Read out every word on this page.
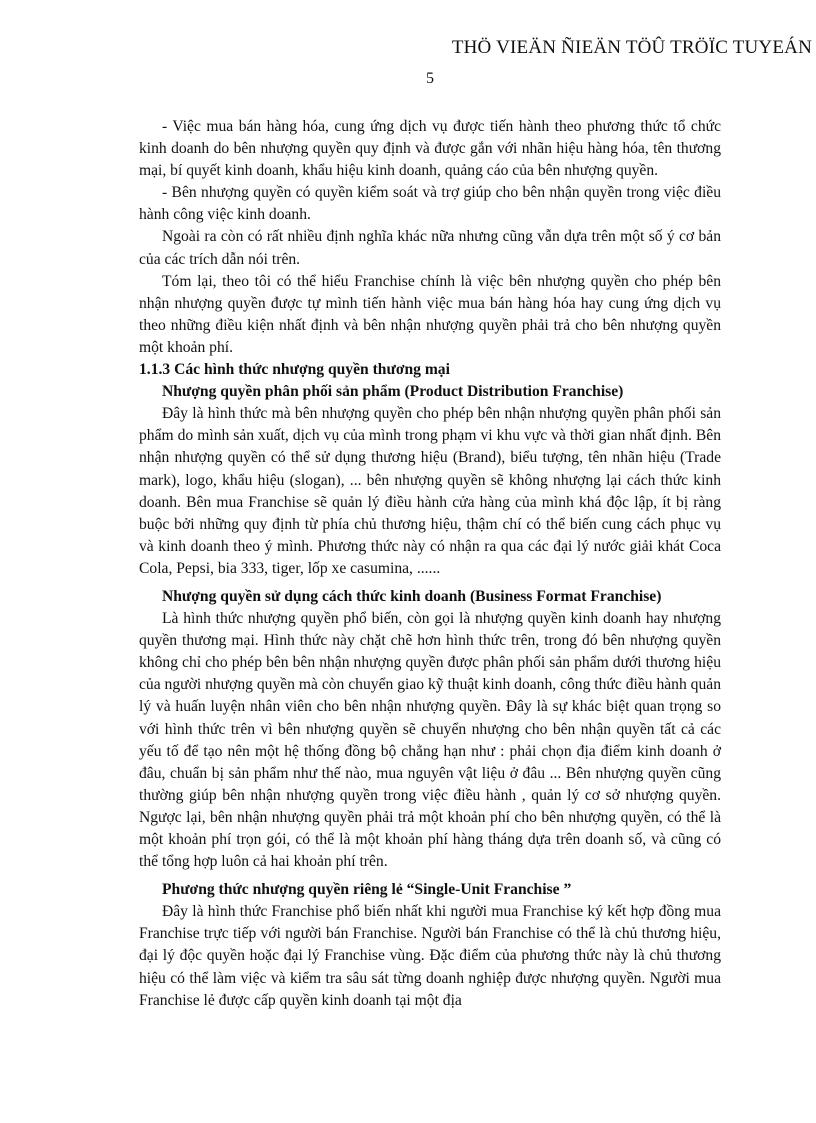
THÖ VIEÄN ÑIEÄN TÖÛ TRÖÏC TUYEÁN
5

- Việc mua bán hàng hóa, cung ứng dịch vụ được tiến hành theo phương thức tổ chức kinh doanh do bên nhượng quyền quy định và được gắn với nhãn hiệu hàng hóa, tên thương mại, bí quyết kinh doanh, khẩu hiệu kinh doanh, quảng cáo của bên nhượng quyền.

- Bên nhượng quyền có quyền kiểm soát và trợ giúp cho bên nhận quyền trong việc điều hành công việc kinh doanh.

Ngoài ra còn có rất nhiều định nghĩa khác nữa nhưng cũng vẫn dựa trên một số ý cơ bản của các trích dẫn nói trên.

Tóm lại, theo tôi có thể hiểu Franchise chính là việc bên nhượng quyền cho phép bên nhận nhượng quyền được tự mình tiến hành việc mua bán hàng hóa hay cung ứng dịch vụ theo những điều kiện nhất định và bên nhận nhượng quyền phải trả cho bên nhượng quyền một khoản phí.

1.1.3 Các hình thức nhượng quyền thương mại

Nhượng quyền phân phối sản phẩm (Product Distribution Franchise)

Đây là hình thức mà bên nhượng quyền cho phép bên nhận nhượng quyền phân phối sản phẩm do mình sản xuất, dịch vụ của mình trong phạm vi khu vực và thời gian nhất định. Bên nhận nhượng quyền có thể sử dụng thương hiệu (Brand), biểu tượng, tên nhãn hiệu (Trade mark), logo, khẩu hiệu (slogan), ... bên nhượng quyền sẽ không nhượng lại cách thức kinh doanh. Bên mua Franchise sẽ quản lý điều hành cửa hàng của mình khá độc lập, ít bị ràng buộc bởi những quy định từ phía chủ thương hiệu, thậm chí có thể biến cung cách phục vụ và kinh doanh theo ý mình. Phương thức này có nhận ra qua các đại lý nước giải khát Coca Cola, Pepsi, bia 333, tiger, lốp xe casumina, ......

Nhượng quyền sử dụng cách thức kinh doanh (Business Format Franchise)

Là hình thức nhượng quyền phổ biến, còn gọi là nhượng quyền kinh doanh hay nhượng quyền thương mại. Hình thức này chặt chẽ hơn hình thức trên, trong đó bên nhượng quyền không chỉ cho phép bên bên nhận nhượng quyền được phân phối sản phẩm dưới thương hiệu của người nhượng quyền mà còn chuyển giao kỹ thuật kinh doanh, công thức điều hành quản lý và huấn luyện nhân viên cho bên nhận nhượng quyền. Đây là sự khác biệt quan trọng so với hình thức trên vì bên nhượng quyền sẽ chuyển nhượng cho bên nhận quyền tất cả các yếu tố để tạo nên một hệ thống đồng bộ chẳng hạn như : phải chọn địa điểm kinh doanh ở đâu, chuẩn bị sản phẩm như thế nào, mua nguyên vật liệu ở đâu ... Bên nhượng quyền cũng thường giúp bên nhận nhượng quyền trong việc điều hành , quản lý cơ sở nhượng quyền. Ngược lại, bên nhận nhượng quyền phải trả một khoản phí cho bên nhượng quyền, có thể là một khoản phí trọn gói, có thể là một khoản phí hàng tháng dựa trên doanh số, và cũng có thể tổng hợp luôn cả hai khoản phí trên.

Phương thức nhượng quyền riêng lẻ “Single-Unit Franchise ”

Đây là hình thức Franchise phổ biến nhất khi người mua Franchise ký kết hợp đồng mua Franchise trực tiếp với người bán Franchise. Người bán Franchise có thể là chủ thương hiệu, đại lý độc quyền hoặc đại lý Franchise vùng. Đặc điểm của phương thức này là chủ thương hiệu có thể làm việc và kiểm tra sâu sát từng doanh nghiệp được nhượng quyền. Người mua Franchise lẻ được cấp quyền kinh doanh tại một địa
